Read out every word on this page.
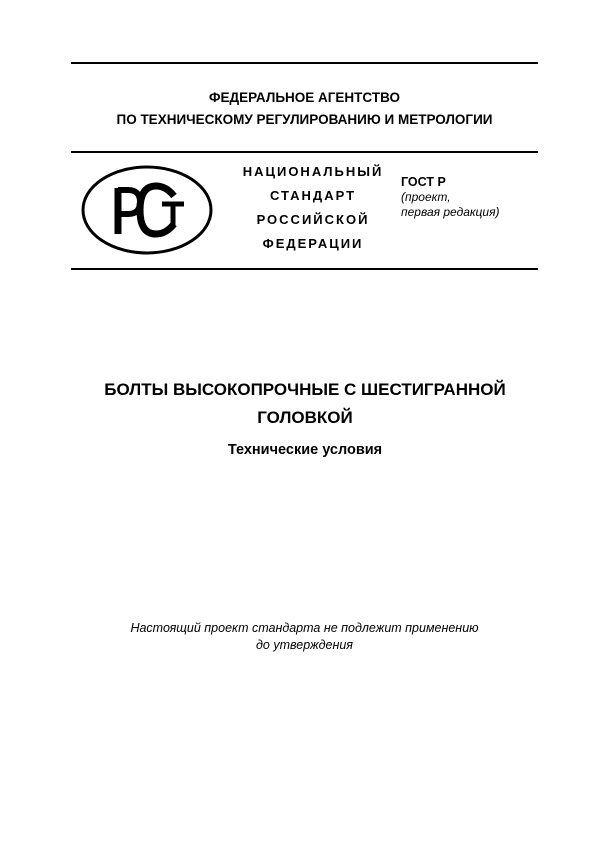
ФЕДЕРАЛЬНОЕ АГЕНТСТВО
ПО ТЕХНИЧЕСКОМУ РЕГУЛИРОВАНИЮ И МЕТРОЛОГИИ
РСТ	НАЦИОНАЛЬНЫЙ
СТАНДАРТ
РОССИЙСКОЙ
ФЕДЕРАЦИИ
ГОСТ Р
(проект,
первая редакция)
БОЛТЫ ВЫСОКОПРОЧНЫЕ С ШЕСТИГРАННОЙ
ГОЛОВКОЙ
Технические условия
Настоящий проект стандарта не подлежит применению
до утверждения
